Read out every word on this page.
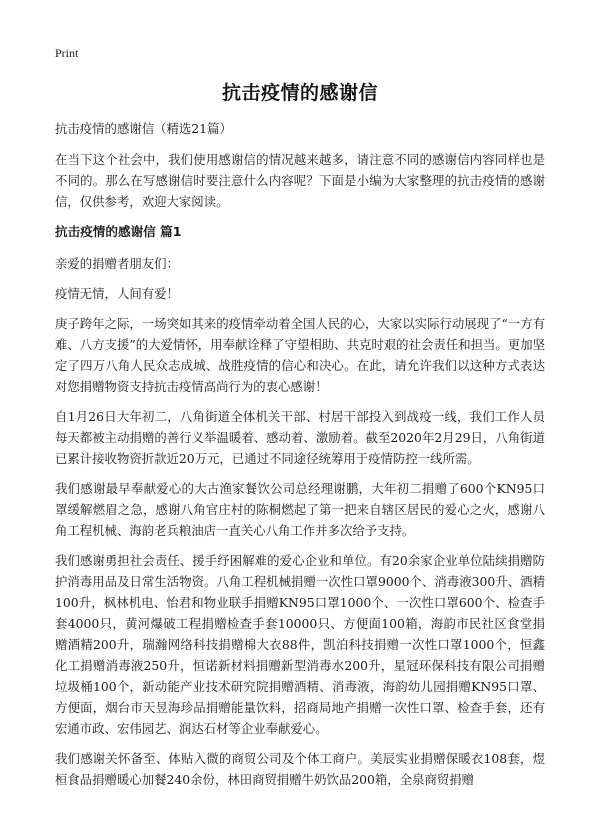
Print
抗击疫情的感谢信

抗击疫情的感谢信（精选21篇）

在当下这个社会中，我们使用感谢信的情况越来越多，请注意不同的感谢信内容同样也是不同的。那么在写感谢信时要注意什么内容呢？下面是小编为大家整理的抗击疫情的感谢信，仅供参考，欢迎大家阅读。

抗击疫情的感谢信 篇1

亲爱的捐赠者朋友们：

疫情无情，人间有爱！

庚子跨年之际，一场突如其来的疫情牵动着全国人民的心，大家以实际行动展现了“一方有难、八方支援”的大爱情怀，用奉献诠释了守望相助、共克时艰的社会责任和担当。更加坚定了四万八角人民众志成城、战胜疫情的信心和决心。在此，请允许我们以这种方式表达对您捐赠物资支持抗击疫情高尚行为的衷心感谢！

自1月26日大年初二，八角街道全体机关干部、村居干部投入到战疫一线，我们工作人员每天都被主动捐赠的善行义举温暖着、感动着、激励着。截至2020年2月29日，八角街道已累计接收物资折款近20万元，已通过不同途径统筹用于疫情防控一线所需。

我们感谢最早奉献爱心的大古渔家餐饮公司总经理谢鹏，大年初二捐赠了600个KN95口罩缓解燃眉之急，感谢八角官庄村的陈桐燃起了第一把来自辖区居民的爱心之火，感谢八角工程机械、海韵老兵粮油店一直关心八角工作并多次给予支持。

我们感谢勇担社会责任、援手纾困解难的爱心企业和单位。有20余家企业单位陆续捐赠防护消毒用品及日常生活物资。八角工程机械捐赠一次性口罩9000个、消毒液300升、酒精100升，枫林机电、怡君和物业联手捐赠KN95口罩1000个、一次性口罩600个、检查手套4000只，黄河爆破工程捐赠检查手套10000只、方便面100箱，海韵市民社区食堂捐赠酒精200升，瑞瀚网络科技捐赠棉大衣88件，凯泊科技捐赠一次性口罩1000个，恒鑫化工捐赠消毒液250升，恒诺新材料捐赠新型消毒水200升，星冠环保科技有限公司捐赠垃圾桶100个，新动能产业技术研究院捐赠酒精、消毒液，海韵幼儿园捐赠KN95口罩、方便面，烟台市天昱海珍品捐赠能量饮料，招商局地产捐赠一次性口罩、检查手套，还有宏通市政、宏伟园艺、润达石材等企业奉献爱心。

我们感谢关怀备至、体贴入微的商贸公司及个体工商户。美辰实业捐赠保暖衣108套，煜桓食品捐赠暖心加餐240余份，林田商贸捐赠牛奶饮品200箱，全泉商贸捐赠
